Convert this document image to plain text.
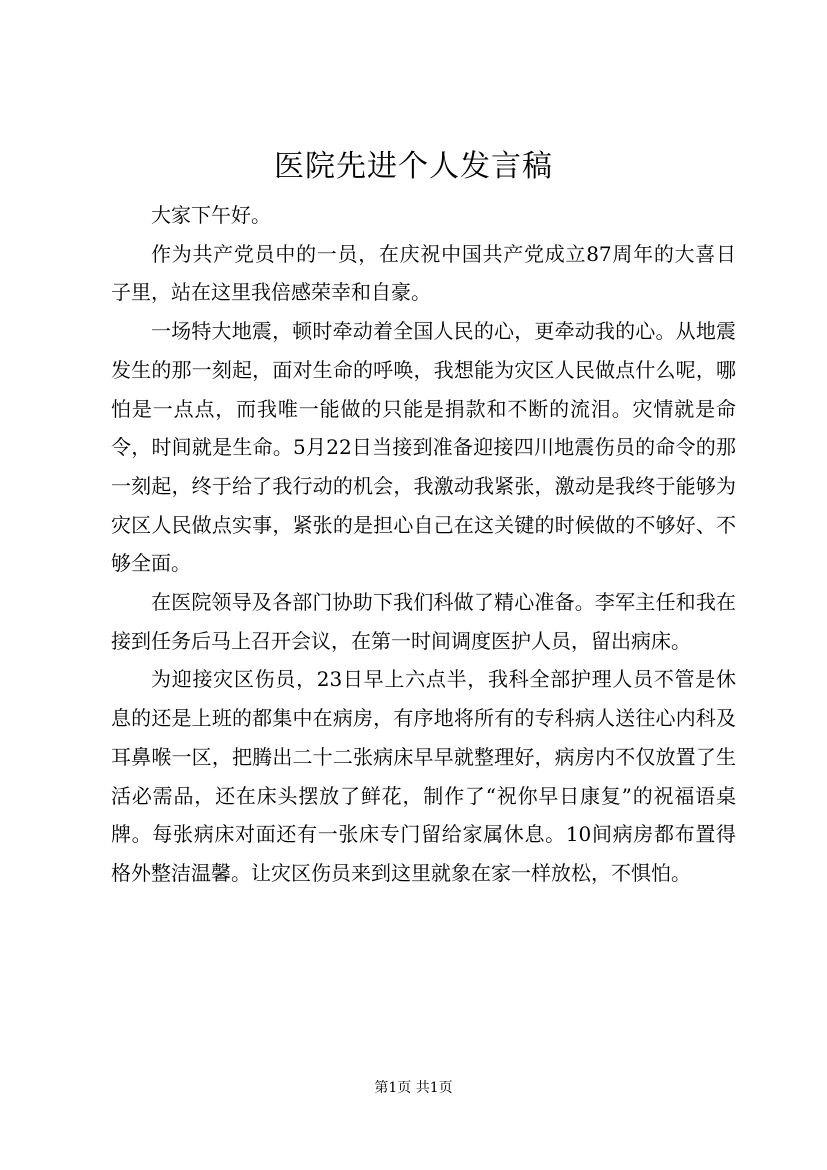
医院先进个人发言稿

大家下午好。

作为共产党员中的一员，在庆祝中国共产党成立87周年的大喜日子里，站在这里我倍感荣幸和自豪。

一场特大地震，顿时牵动着全国人民的心，更牵动我的心。从地震发生的那一刻起，面对生命的呼唤，我想能为灾区人民做点什么呢，哪怕是一点点，而我唯一能做的只能是捐款和不断的流泪。灾情就是命令，时间就是生命。5月22日当接到准备迎接四川地震伤员的命令的那一刻起，终于给了我行动的机会，我激动我紧张，激动是我终于能够为灾区人民做点实事，紧张的是担心自己在这关键的时候做的不够好、不够全面。

在医院领导及各部门协助下我们科做了精心准备。李军主任和我在接到任务后马上召开会议，在第一时间调度医护人员，留出病床。

为迎接灾区伤员，23日早上六点半，我科全部护理人员不管是休息的还是上班的都集中在病房，有序地将所有的专科病人送往心内科及耳鼻喉一区，把腾出二十二张病床早早就整理好，病房内不仅放置了生活必需品，还在床头摆放了鲜花，制作了“祝你早日康复”的祝福语桌牌。每张病床对面还有一张床专门留给家属休息。10间病房都布置得格外整洁温馨。让灾区伤员来到这里就象在家一样放松，不惧怕。

第1页 共1页
